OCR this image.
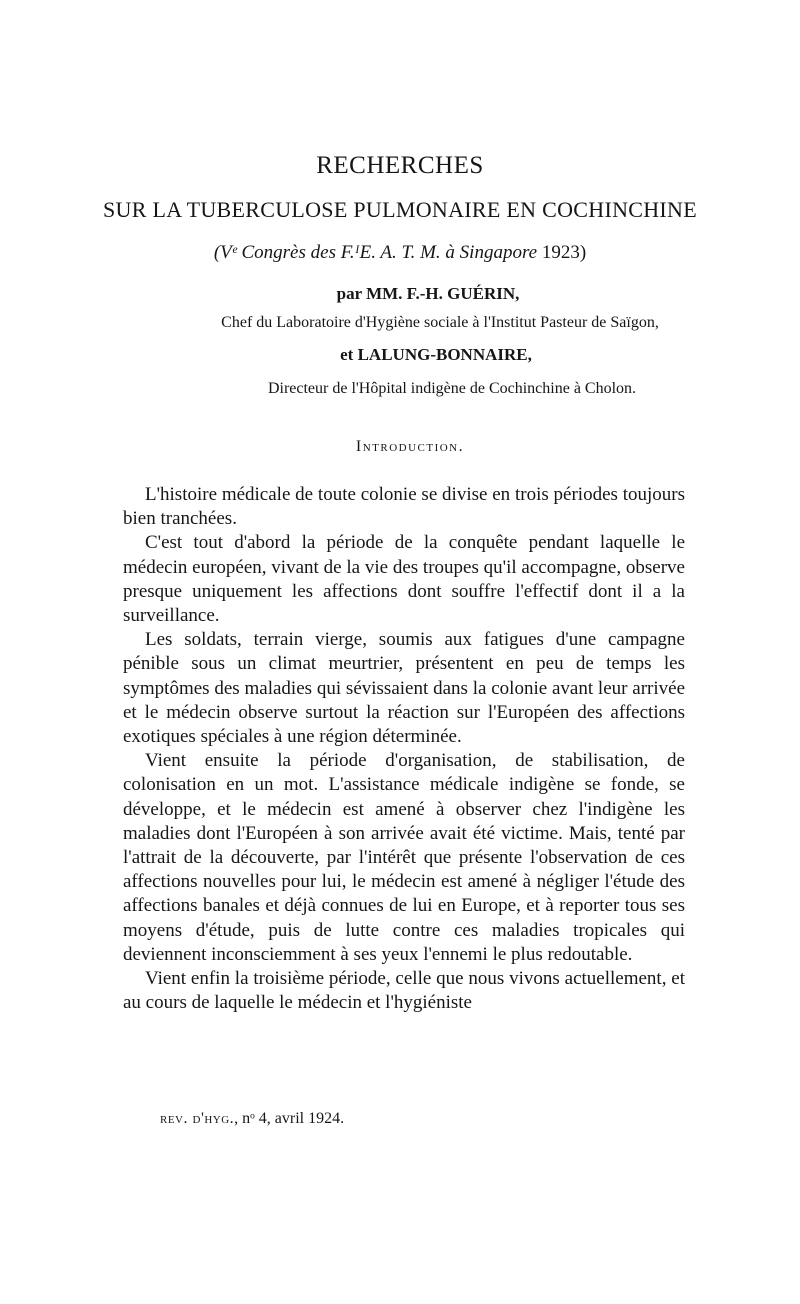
RECHERCHES
SUR LA TUBERCULOSE PULMONAIRE EN COCHINCHINE
(Vᵉ Congrès des F.ᴵE. A. T. M. à Singapore 1923)
par MM. F.-H. GUÉRIN,
Chef du Laboratoire d'Hygiène sociale à l'Institut Pasteur de Saïgon,
et LALUNG-BONNAIRE,
Directeur de l'Hôpital indigène de Cochinchine à Cholon.
Introduction.

L'histoire médicale de toute colonie se divise en trois périodes toujours bien tranchées.

C'est tout d'abord la période de la conquête pendant laquelle le médecin européen, vivant de la vie des troupes qu'il accompagne, observe presque uniquement les affections dont souffre l'effectif dont il a la surveillance.

Les soldats, terrain vierge, soumis aux fatigues d'une campagne pénible sous un climat meurtrier, présentent en peu de temps les symptômes des maladies qui sévissaient dans la colonie avant leur arrivée et le médecin observe surtout la réaction sur l'Européen des affections exotiques spéciales à une région déterminée.

Vient ensuite la période d'organisation, de stabilisation, de colonisation en un mot. L'assistance médicale indigène se fonde, se développe, et le médecin est amené à observer chez l'indigène les maladies dont l'Européen à son arrivée avait été victime. Mais, tenté par l'attrait de la découverte, par l'intérêt que présente l'observation de ces affections nouvelles pour lui, le médecin est amené à négliger l'étude des affections banales et déjà connues de lui en Europe, et à reporter tous ses moyens d'étude, puis de lutte contre ces maladies tropicales qui deviennent inconsciemment à ses yeux l'ennemi le plus redoutable.

Vient enfin la troisième période, celle que nous vivons actuellement, et au cours de laquelle le médecin et l'hygiéniste

rev. d'hyg., nᵒ 4, avril 1924.
